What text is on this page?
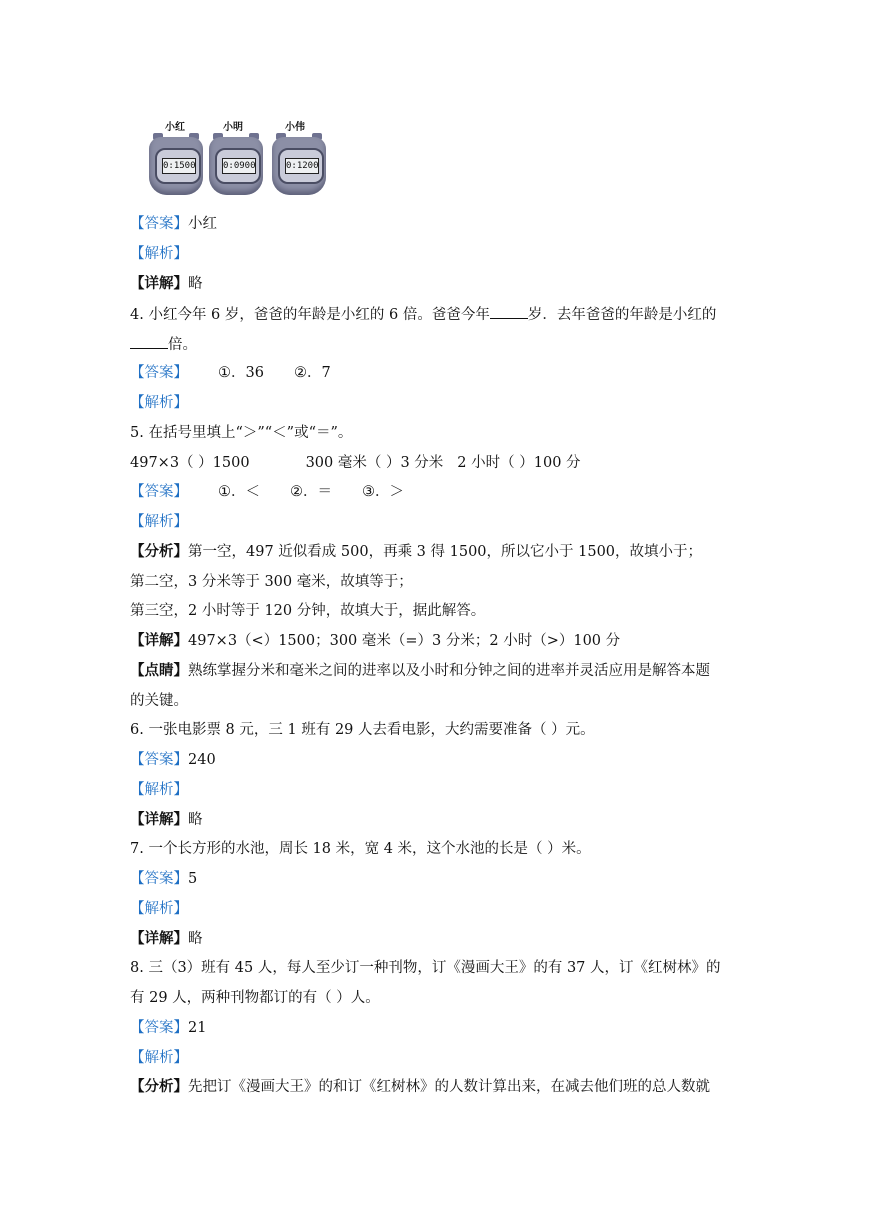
小红	小明	小伟
0:1500	0:0900	0:1200
【答案】小红
【解析】
【详解】略
4. 小红今年 6 岁，爸爸的年龄是小红的 6 倍。爸爸今年	岁．去年爸爸的年龄是小红的
倍。
【答案】 ①．36 ②．7
【解析】
5. 在括号里填上“＞”“＜”或“＝”。
497×3（ ）1500	300 毫米（ ）3 分米 2 小时（ ）100 分
【答案】 ①．＜ ②．＝ ③．＞
【解析】
【分析】第一空，497 近似看成 500，再乘 3 得 1500，所以它小于 1500，故填小于；
第二空，3 分米等于 300 毫米，故填等于；
第三空，2 小时等于 120 分钟，故填大于，据此解答。
【详解】497×3（<）1500；300 毫米（=）3 分米；2 小时（>）100 分
【点睛】熟练掌握分米和毫米之间的进率以及小时和分钟之间的进率并灵活应用是解答本题
的关键。
6. 一张电影票 8 元，三 1 班有 29 人去看电影，大约需要准备（ ）元。
【答案】240
【解析】
【详解】略
7. 一个长方形的水池，周长 18 米，宽 4 米，这个水池的长是（ ）米。
【答案】5
【解析】
【详解】略
8. 三（3）班有 45 人，每人至少订一种刊物，订《漫画大王》的有 37 人，订《红树林》的
有 29 人，两种刊物都订的有（ ）人。
【答案】21
【解析】
【分析】先把订《漫画大王》的和订《红树林》的人数计算出来，在减去他们班的总人数就
